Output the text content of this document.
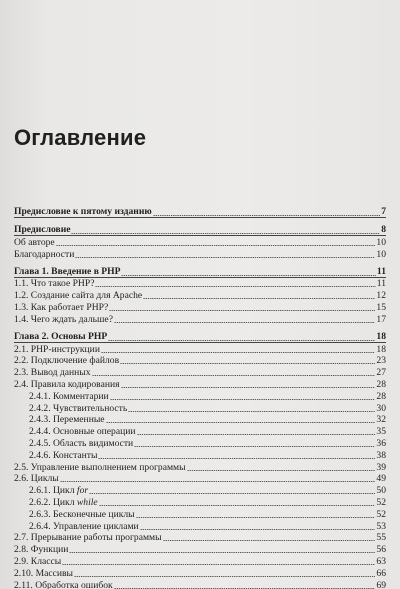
Оглавление
Предисловие к пятому изданию	7
Предисловие	8
Об авторе	10
Благодарности	10
Глава 1. Введение в PHP	11
1.1. Что такое PHP?	11
1.2. Создание сайта для Apache	12
1.3. Как работает PHP?	15
1.4. Чего ждать дальше?	17
Глава 2. Основы PHP	18
2.1. PHP-инструкции	18
2.2. Подключение файлов	23
2.3. Вывод данных	27
2.4. Правила кодирования	28
2.4.1. Комментарии	28
2.4.2. Чувствительность	30
2.4.3. Переменные	32
2.4.4. Основные операции	35
2.4.5. Область видимости	36
2.4.6. Константы	38
2.5. Управление выполнением программы	39
2.6. Циклы	49
2.6.1. Цикл for	50
2.6.2. Цикл while	52
2.6.3. Бесконечные циклы	52
2.6.4. Управление циклами	53
2.7. Прерывание работы программы	55
2.8. Функции	56
2.9. Классы	63
2.10. Массивы	66
2.11. Обработка ошибок	69
